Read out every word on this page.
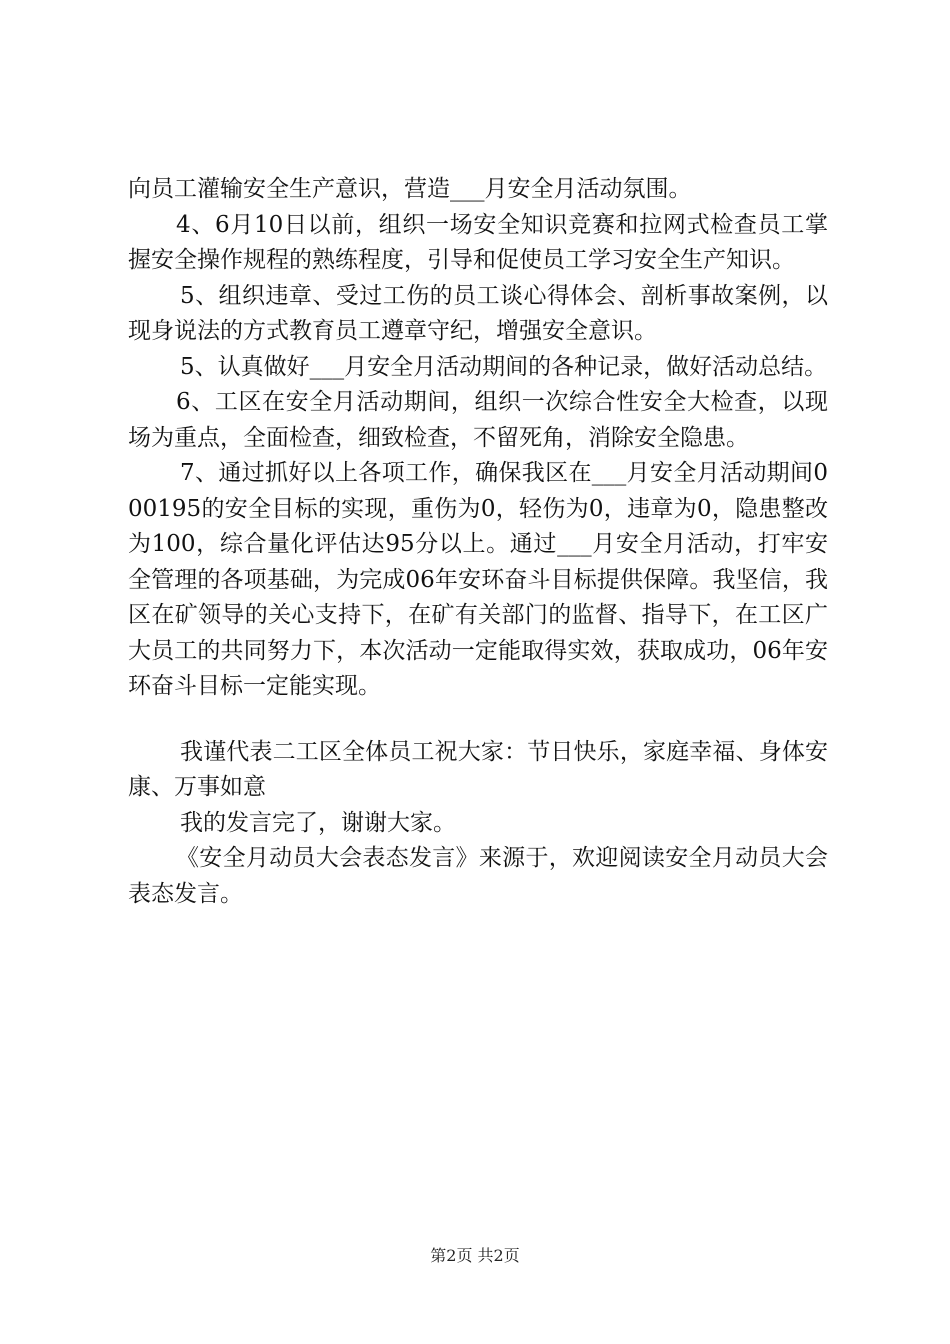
向员工灌输安全生产意识，营造___月安全月活动氛围。

4、6月10日以前，组织一场安全知识竞赛和拉网式检查员工掌握安全操作规程的熟练程度，引导和促使员工学习安全生产知识。

5、组织违章、受过工伤的员工谈心得体会、剖析事故案例，以现身说法的方式教育员工遵章守纪，增强安全意识。

5、认真做好___月安全月活动期间的各种记录，做好活动总结。

6、工区在安全月活动期间，组织一次综合性安全大检查，以现场为重点，全面检查，细致检查，不留死角，消除安全隐患。

7、通过抓好以上各项工作，确保我区在___月安全月活动期间000195的安全目标的实现，重伤为0，轻伤为0，违章为0，隐患整改为100，综合量化评估达95分以上。通过___月安全月活动，打牢安全管理的各项基础，为完成06年安环奋斗目标提供保障。我坚信，我区在矿领导的关心支持下，在矿有关部门的监督、指导下，在工区广大员工的共同努力下，本次活动一定能取得实效，获取成功，06年安环奋斗目标一定能实现。

我谨代表二工区全体员工祝大家：节日快乐，家庭幸福、身体安康、万事如意

我的发言完了，谢谢大家。

《安全月动员大会表态发言》来源于，欢迎阅读安全月动员大会表态发言。

第2页 共2页
